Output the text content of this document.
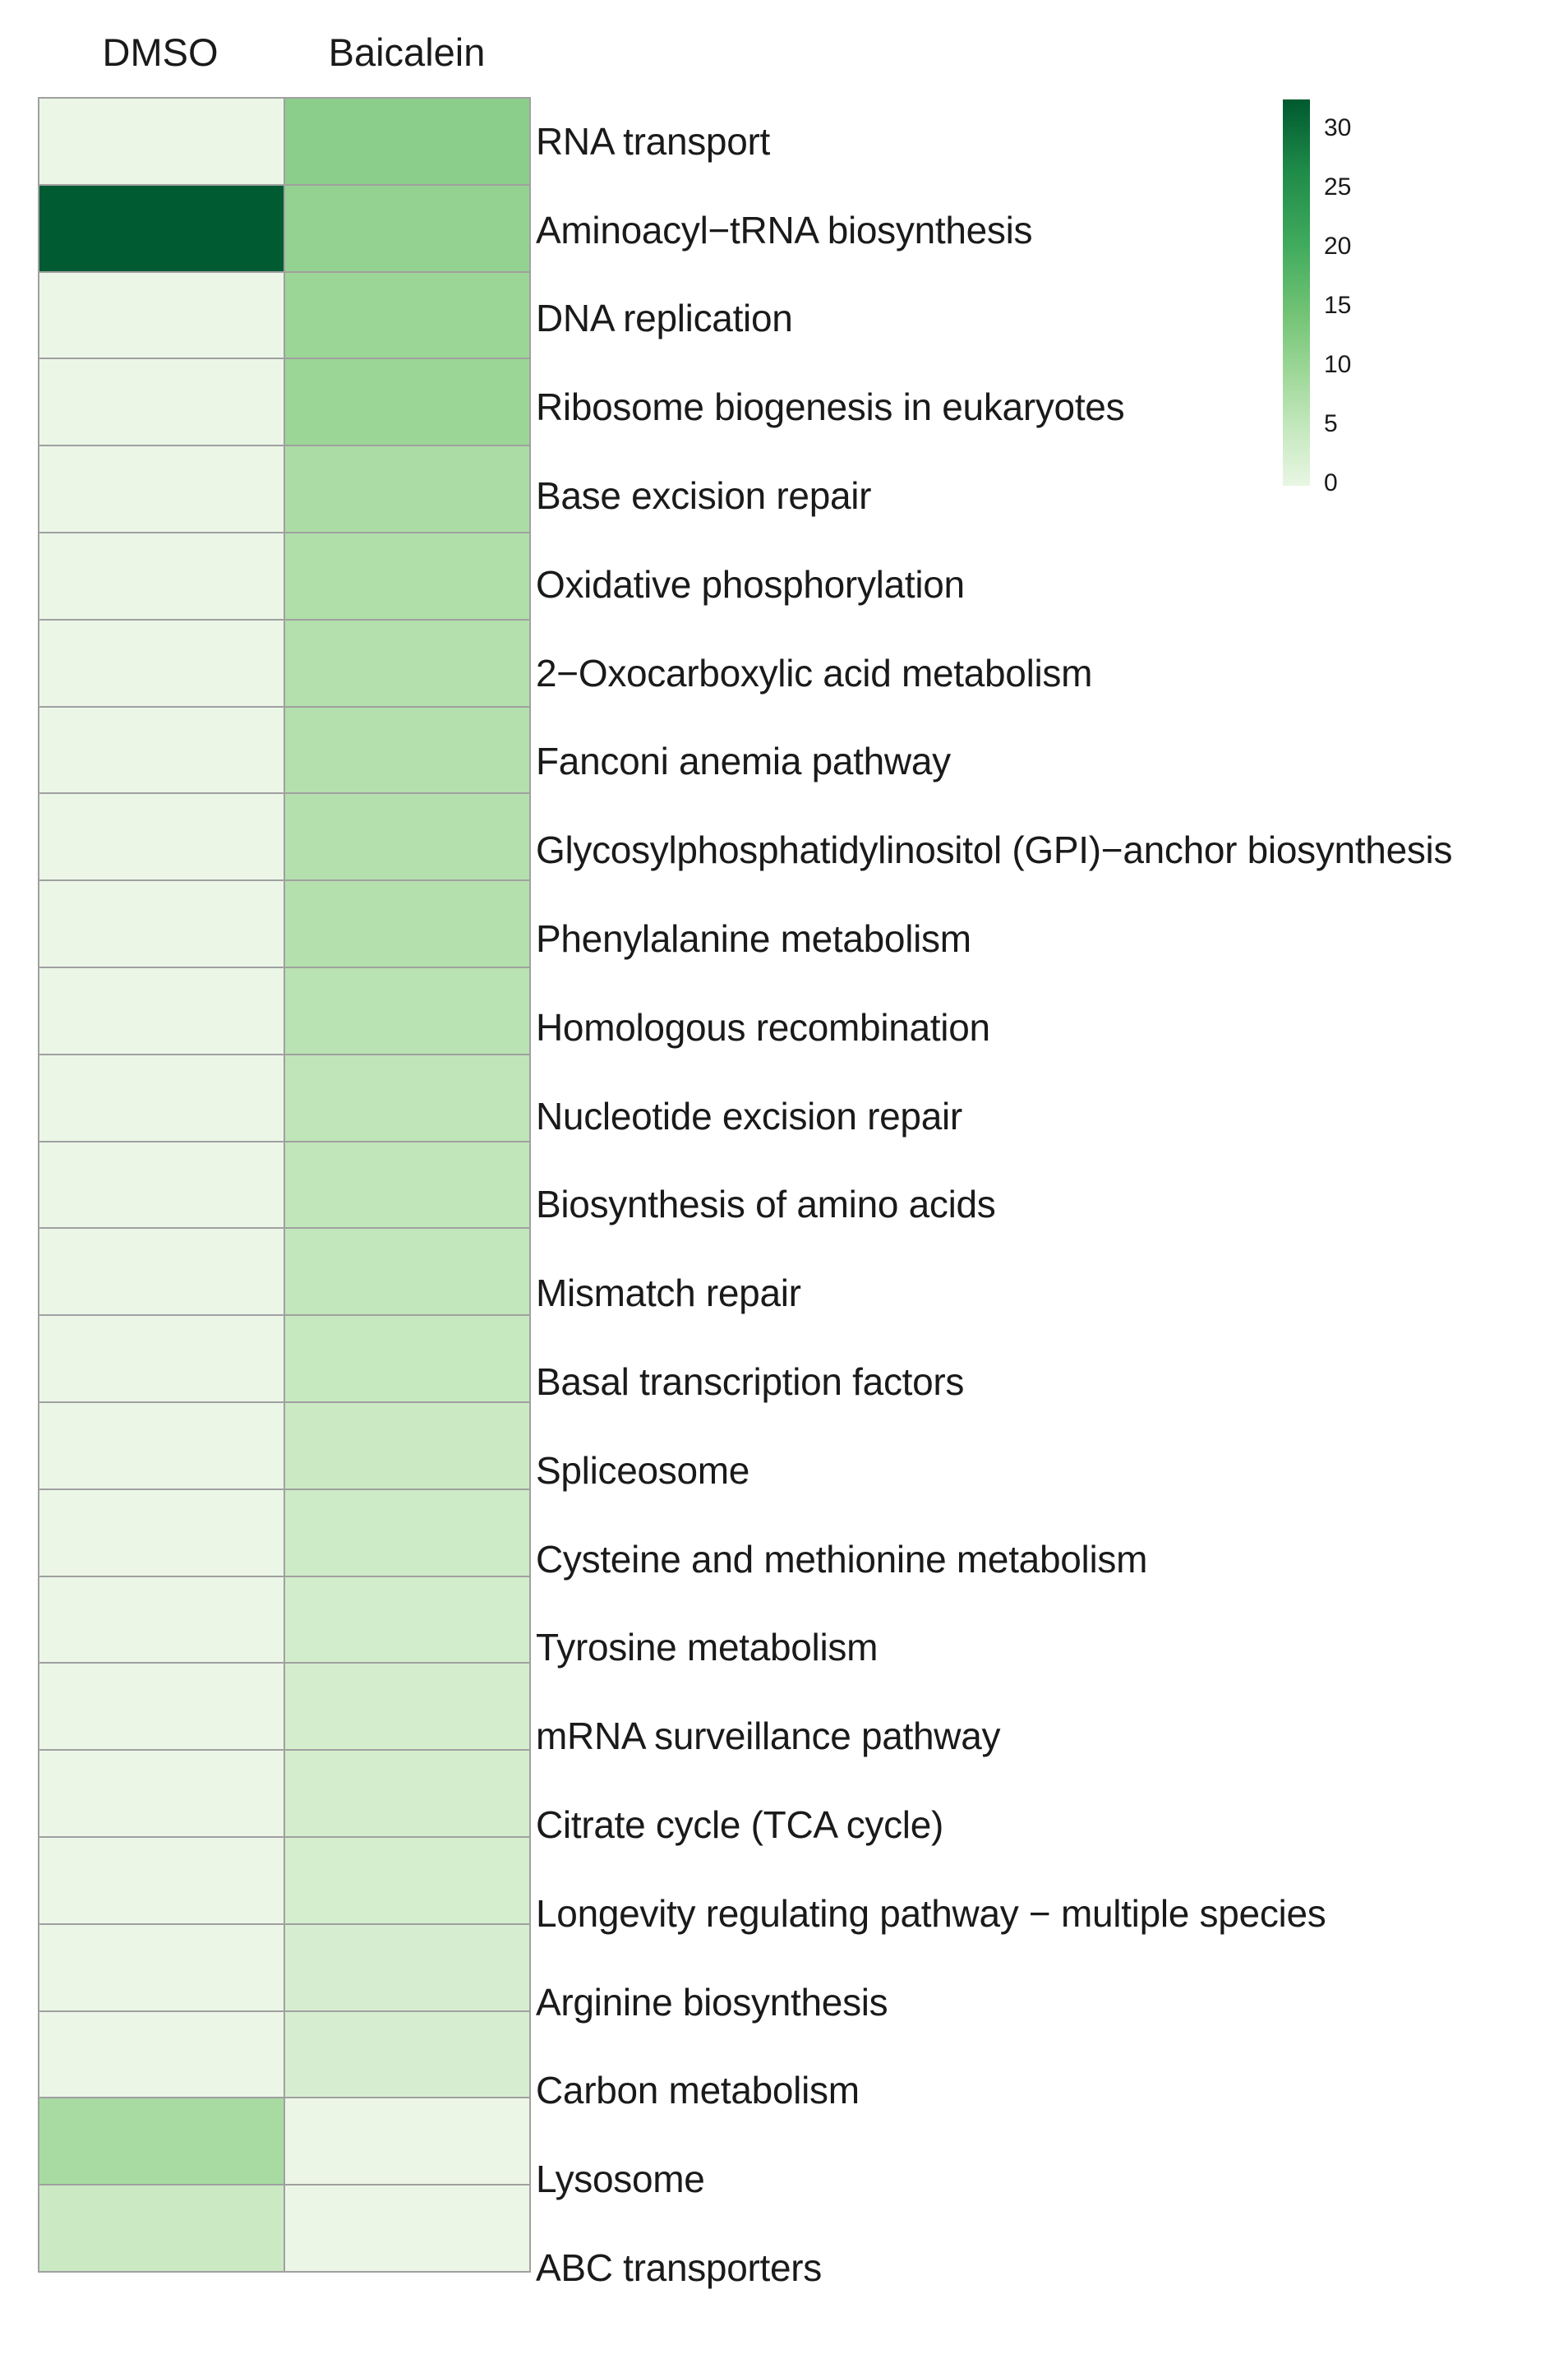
DMSO	Baicalein
RNA transport
Aminoacyl−tRNA biosynthesis
DNA replication
Ribosome biogenesis in eukaryotes
Base excision repair
Oxidative phosphorylation
2−Oxocarboxylic acid metabolism
Fanconi anemia pathway
Glycosylphosphatidylinositol (GPI)−anchor biosynthesis
Phenylalanine metabolism
Homologous recombination
Nucleotide excision repair
Biosynthesis of amino acids
Mismatch repair
Basal transcription factors
Spliceosome
Cysteine and methionine metabolism
Tyrosine metabolism
mRNA surveillance pathway
Citrate cycle (TCA cycle)
Longevity regulating pathway − multiple species
Arginine biosynthesis
Carbon metabolism
Lysosome
ABC transporters
30
25
20
15
10
5
0
